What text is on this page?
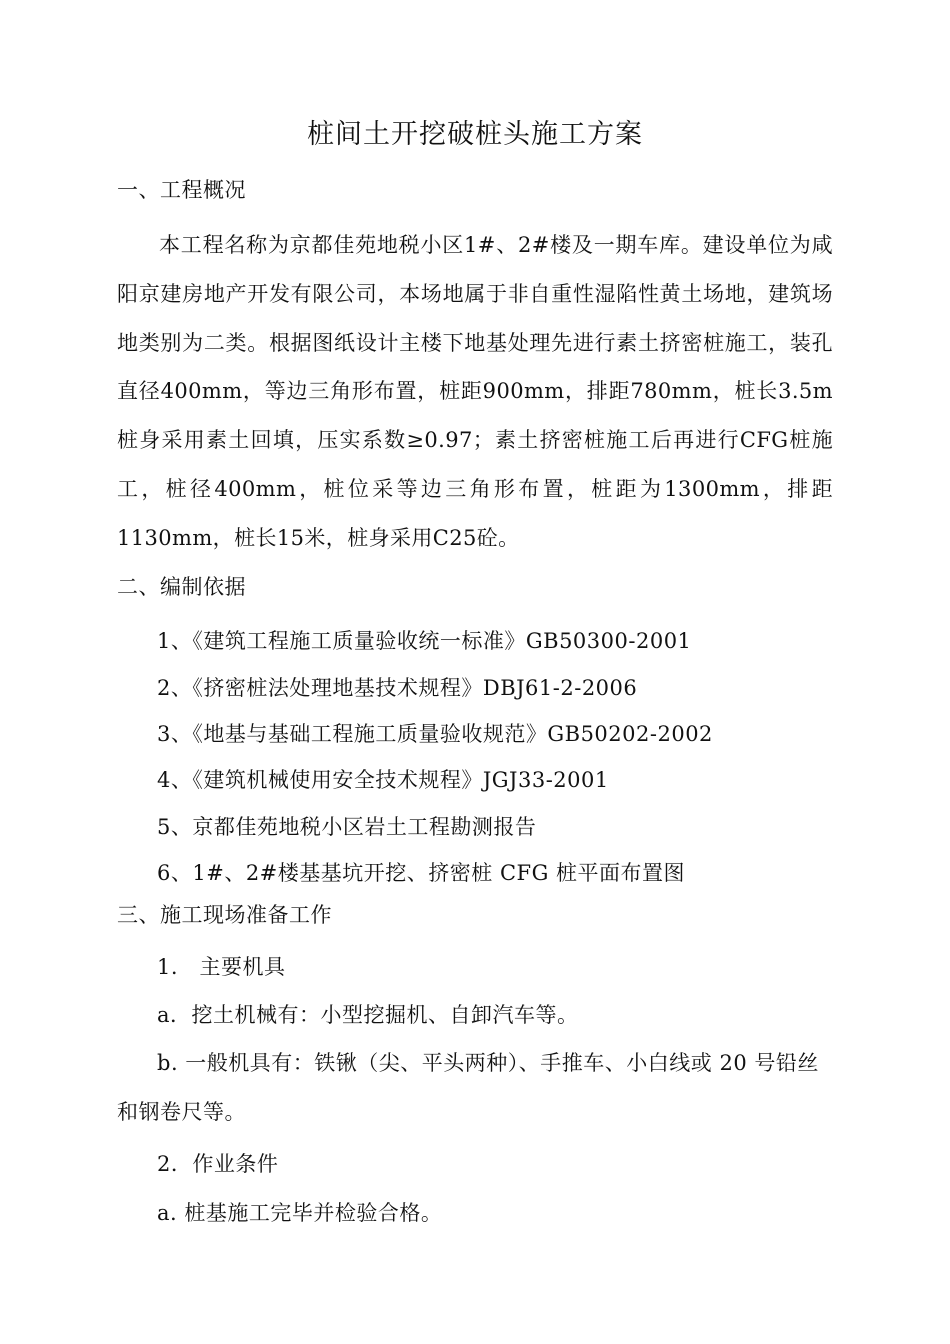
桩间土开挖破桩头施工方案
一、工程概况
本工程名称为京都佳苑地税小区1#、2#楼及一期车库。建设单位为咸阳京建房地产开发有限公司，本场地属于非自重性湿陷性黄土场地，建筑场地类别为二类。根据图纸设计主楼下地基处理先进行素土挤密桩施工，装孔直径400mm，等边三角形布置，桩距900mm，排距780mm，桩长3.5m桩身采用素土回填，压实系数≥0.97；素土挤密桩施工后再进行CFG桩施工，桩径400mm，桩位采等边三角形布置，桩距为1300mm，排距1130mm，桩长15米，桩身采用C25砼。
二、编制依据
1、《建筑工程施工质量验收统一标准》GB50300-2001
2、《挤密桩法处理地基技术规程》DBJ61-2-2006
3、《地基与基础工程施工质量验收规范》GB50202-2002
4、《建筑机械使用安全技术规程》JGJ33-2001
5、京都佳苑地税小区岩土工程勘测报告
6、1#、2#楼基基坑开挖、挤密桩 CFG 桩平面布置图
三、施工现场准备工作
1.　主要机具
a．挖土机械有：小型挖掘机、自卸汽车等。
b. 一般机具有：铁锹（尖、平头两种）、手推车、小白线或 20 号铅丝
和钢卷尺等。
2．作业条件
a. 桩基施工完毕并检验合格。
